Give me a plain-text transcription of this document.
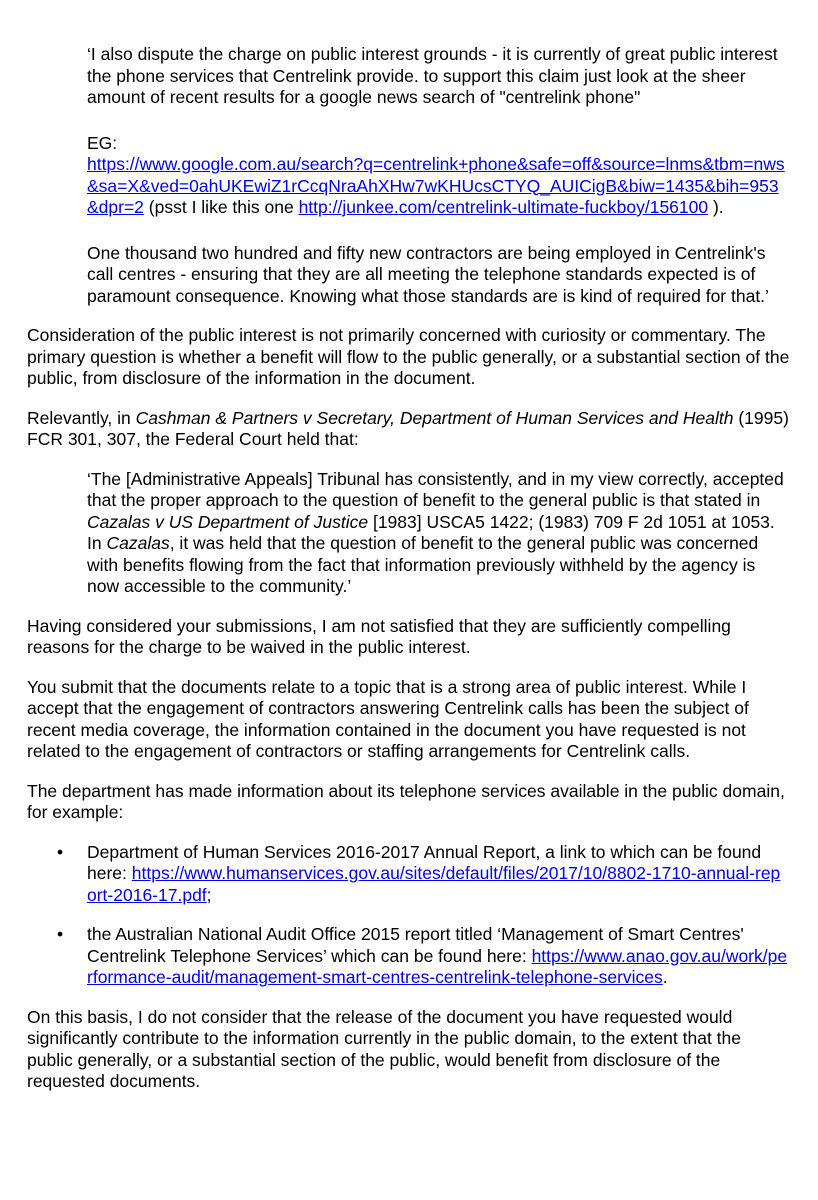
‘I also dispute the charge on public interest grounds - it is currently of great public interest the phone services that Centrelink provide. to support this claim just look at the sheer amount of recent results for a google news search of "centrelink phone"

EG:
https://www.google.com.au/search?q=centrelink+phone&safe=off&source=lnms&tbm=nws&sa=X&ved=0ahUKEwiZ1rCcqNraAhXHw7wKHUcsCTYQ_AUICigB&biw=1435&bih=953&dpr=2 (psst I like this one http://junkee.com/centrelink-ultimate-fuckboy/156100 ).

One thousand two hundred and fifty new contractors are being employed in Centrelink's call centres - ensuring that they are all meeting the telephone standards expected is of paramount consequence. Knowing what those standards are is kind of required for that.’

Consideration of the public interest is not primarily concerned with curiosity or commentary. The primary question is whether a benefit will flow to the public generally, or a substantial section of the public, from disclosure of the information in the document.

Relevantly, in Cashman & Partners v Secretary, Department of Human Services and Health (1995) FCR 301, 307, the Federal Court held that:

‘The [Administrative Appeals] Tribunal has consistently, and in my view correctly, accepted that the proper approach to the question of benefit to the general public is that stated in Cazalas v US Department of Justice [1983] USCA5 1422; (1983) 709 F 2d 1051 at 1053. In Cazalas, it was held that the question of benefit to the general public was concerned with benefits flowing from the fact that information previously withheld by the agency is now accessible to the community.’

Having considered your submissions, I am not satisfied that they are sufficiently compelling reasons for the charge to be waived in the public interest.

You submit that the documents relate to a topic that is a strong area of public interest. While I accept that the engagement of contractors answering Centrelink calls has been the subject of recent media coverage, the information contained in the document you have requested is not related to the engagement of contractors or staffing arrangements for Centrelink calls.

The department has made information about its telephone services available in the public domain, for example:

• Department of Human Services 2016-2017 Annual Report, a link to which can be found here: https://www.humanservices.gov.au/sites/default/files/2017/10/8802-1710-annual-report-2016-17.pdf;
• the Australian National Audit Office 2015 report titled ‘Management of Smart Centres' Centrelink Telephone Services’ which can be found here: https://www.anao.gov.au/work/performance-audit/management-smart-centres-centrelink-telephone-services.

On this basis, I do not consider that the release of the document you have requested would significantly contribute to the information currently in the public domain, to the extent that the public generally, or a substantial section of the public, would benefit from disclosure of the requested documents.
